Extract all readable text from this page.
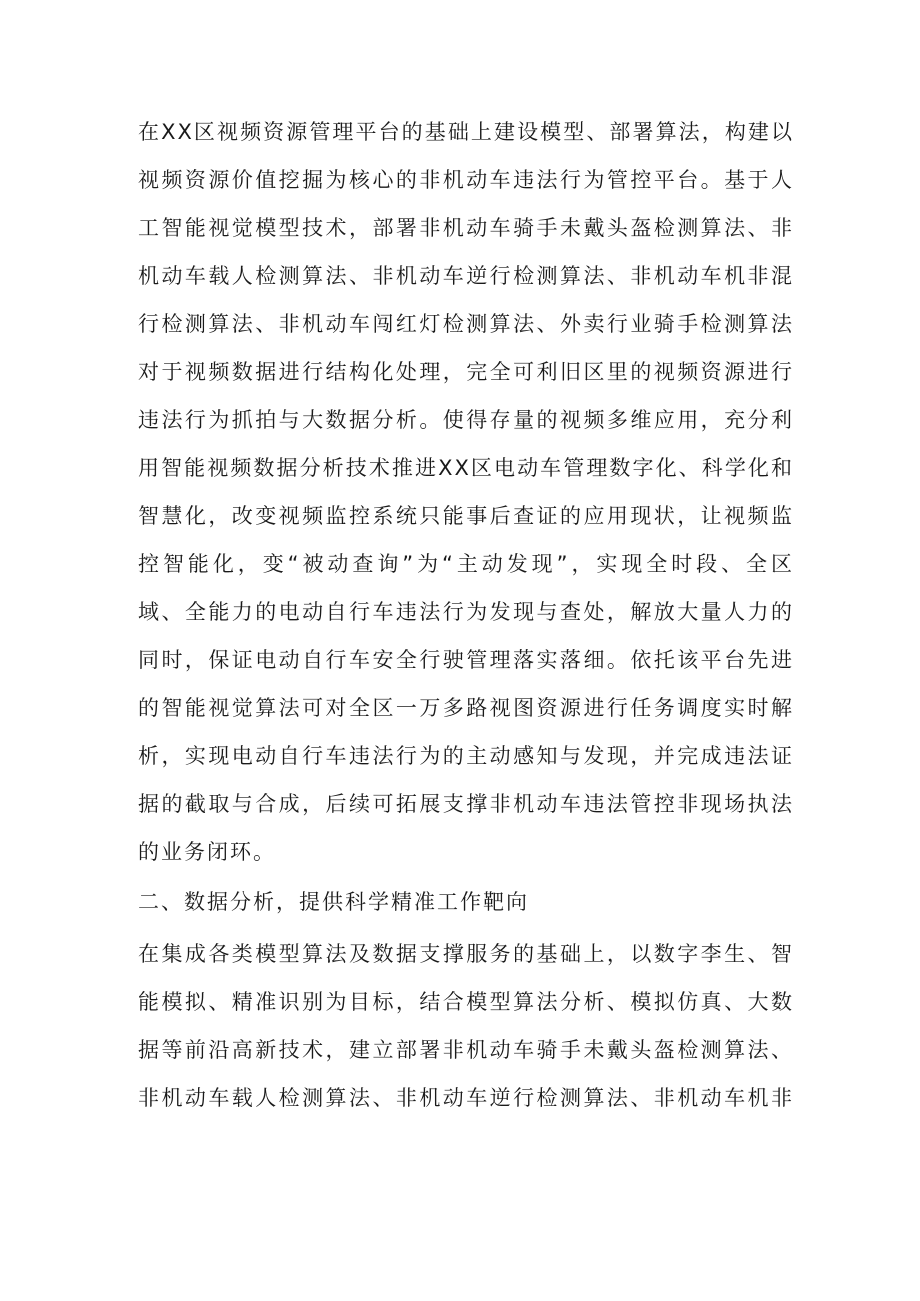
在XX区视频资源管理平台的基础上建设模型、部署算法，构建以
视频资源价值挖掘为核心的非机动车违法行为管控平台。基于人
工智能视觉模型技术，部署非机动车骑手未戴头盔检测算法、非
机动车载人检测算法、非机动车逆行检测算法、非机动车机非混
行检测算法、非机动车闯红灯检测算法、外卖行业骑手检测算法
对于视频数据进行结构化处理，完全可利旧区里的视频资源进行
违法行为抓拍与大数据分析。使得存量的视频多维应用，充分利
用智能视频数据分析技术推进XX区电动车管理数字化、科学化和
智慧化，改变视频监控系统只能事后查证的应用现状，让视频监
控智能化，变“被动查询”为“主动发现”，实现全时段、全区
域、全能力的电动自行车违法行为发现与查处，解放大量人力的
同时，保证电动自行车安全行驶管理落实落细。依托该平台先进
的智能视觉算法可对全区一万多路视图资源进行任务调度实时解
析，实现电动自行车违法行为的主动感知与发现，并完成违法证
据的截取与合成，后续可拓展支撑非机动车违法管控非现场执法
的业务闭环。
二、数据分析，提供科学精准工作靶向
在集成各类模型算法及数据支撑服务的基础上，以数字李生、智
能模拟、精准识别为目标，结合模型算法分析、模拟仿真、大数
据等前沿高新技术，建立部署非机动车骑手未戴头盔检测算法、
非机动车载人检测算法、非机动车逆行检测算法、非机动车机非
